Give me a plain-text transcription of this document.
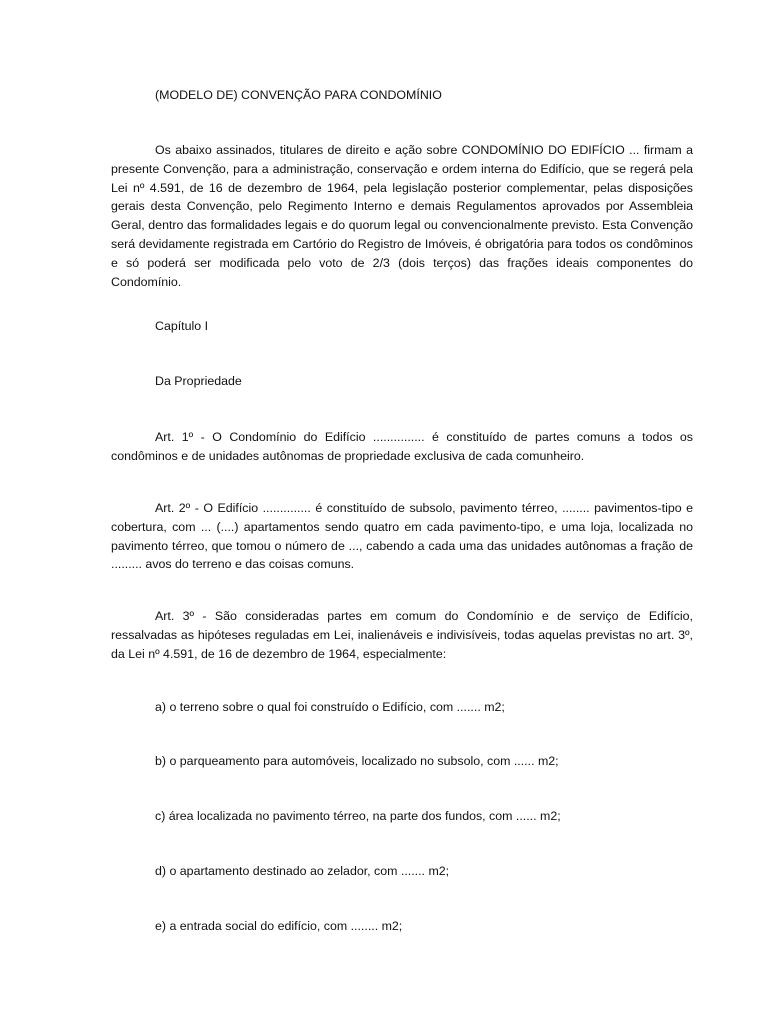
(MODELO DE) CONVENÇÃO PARA CONDOMÍNIO

Os abaixo assinados, titulares de direito e ação sobre CONDOMÍNIO DO EDIFÍCIO ... firmam a presente Convenção, para a administração, conservação e ordem interna do Edifício, que se regerá pela Lei nº 4.591, de 16 de dezembro de 1964, pela legislação posterior complementar, pelas disposições gerais desta Convenção, pelo Regimento Interno e demais Regulamentos aprovados por Assembleia Geral, dentro das formalidades legais e do quorum legal ou convencionalmente previsto. Esta Convenção será devidamente registrada em Cartório do Registro de Imóveis, é obrigatória para todos os condôminos e só poderá ser modificada pelo voto de 2/3 (dois terços) das frações ideais componentes do Condomínio.

Capítulo I

Da Propriedade

Art. 1º - O Condomínio do Edifício ............... é constituído de partes comuns a todos os condôminos e de unidades autônomas de propriedade exclusiva de cada comunheiro.

Art. 2º - O Edifício .............. é constituído de subsolo, pavimento térreo, ........ pavimentos-tipo e cobertura, com ... (....) apartamentos sendo quatro em cada pavimento-tipo, e uma loja, localizada no pavimento térreo, que tomou o número de ..., cabendo a cada uma das unidades autônomas a fração de ......... avos do terreno e das coisas comuns.

Art. 3º - São consideradas partes em comum do Condomínio e de serviço de Edifício, ressalvadas as hipóteses reguladas em Lei, inalienáveis e indivisíveis, todas aquelas previstas no art. 3º, da Lei nº 4.591, de 16 de dezembro de 1964, especialmente:

a) o terreno sobre o qual foi construído o Edifício, com ....... m2;

b) o parqueamento para automóveis, localizado no subsolo, com ...... m2;

c) área localizada no pavimento térreo, na parte dos fundos, com ...... m2;

d) o apartamento destinado ao zelador, com ....... m2;

e) a entrada social do edifício, com ........ m2;
